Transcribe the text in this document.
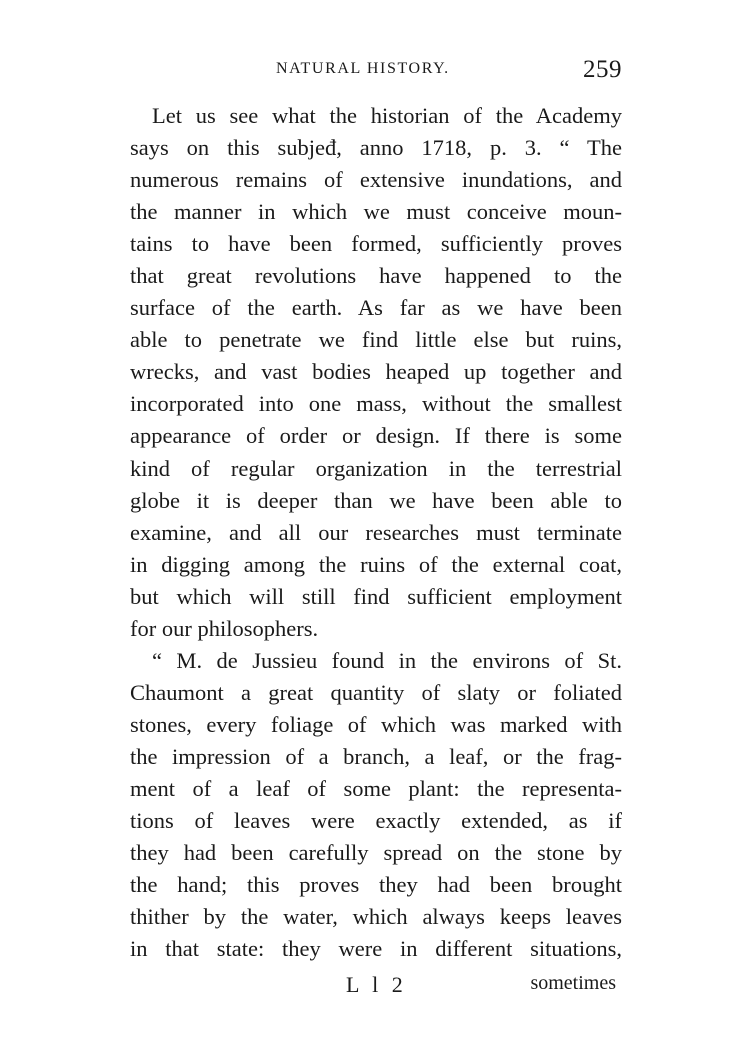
NATURAL HISTORY.	259
Let us see what the historian of the Academy
says on this subjeđ, anno 1718, p. 3. “ The
numerous remains of extensive inundations, and
the manner in which we must conceive moun-
tains to have been formed, sufficiently proves
that great revolutions have happened to the
surface of the earth. As far as we have been
able to penetrate we find little else but ruins,
wrecks, and vast bodies heaped up together and
incorporated into one mass, without the smallest
appearance of order or design. If there is some
kind of regular organization in the terrestrial
globe it is deeper than we have been able to
examine, and all our researches must terminate
in digging among the ruins of the external coat,
but which will still find sufficient employment
for our philosophers.
“ M. de Jussieu found in the environs of St.
Chaumont a great quantity of slaty or foliated
stones, every foliage of which was marked with
the impression of a branch, a leaf, or the frag-
ment of a leaf of some plant: the representa-
tions of leaves were exactly extended, as if
they had been carefully spread on the stone by
the hand; this proves they had been brought
thither by the water, which always keeps leaves
in that state: they were in different situations,
L l 2	sometimes
